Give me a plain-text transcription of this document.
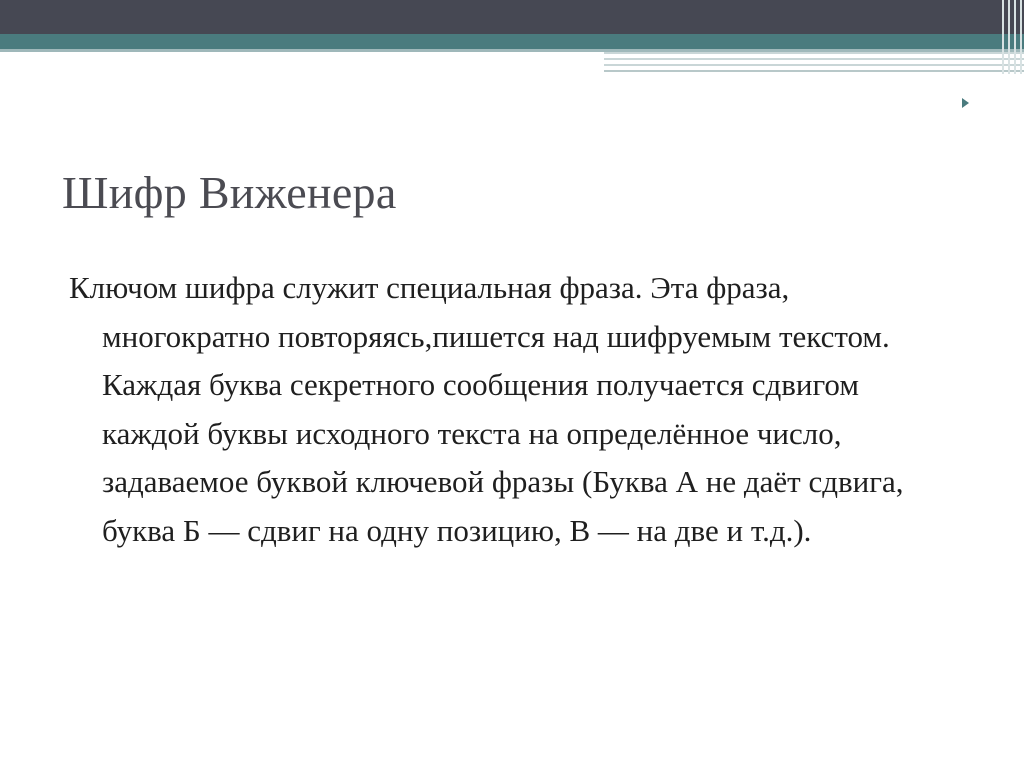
Шифр Виженера

Ключом шифра служит специальная фраза. Эта фраза, многократно повторяясь,пишется над шифруемым текстом. Каждая буква секретного сообщения получается сдвигом каждой буквы исходного текста на определённое число, задаваемое буквой ключевой фразы (Буква А не даёт сдвига, буква Б — сдвиг на одну позицию, В — на две и т.д.).
